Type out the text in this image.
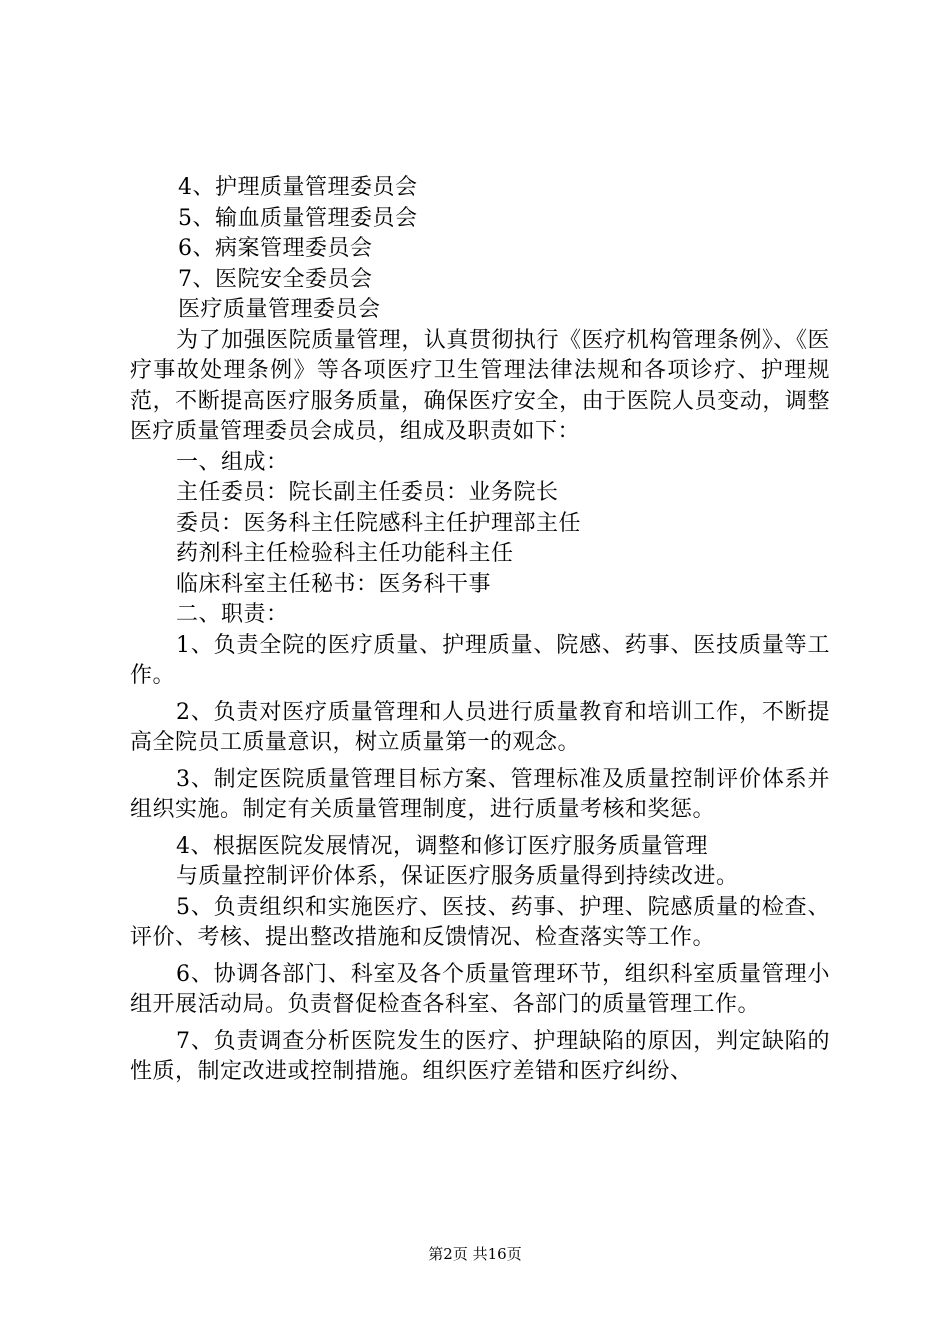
4、护理质量管理委员会

5、输血质量管理委员会

6、病案管理委员会

7、医院安全委员会

医疗质量管理委员会

为了加强医院质量管理，认真贯彻执行《医疗机构管理条例》、《医疗事故处理条例》等各项医疗卫生管理法律法规和各项诊疗、护理规范，不断提高医疗服务质量，确保医疗安全，由于医院人员变动，调整医疗质量管理委员会成员，组成及职责如下：

一、组成：

主任委员：院长副主任委员：业务院长

委员：医务科主任院感科主任护理部主任

药剂科主任检验科主任功能科主任

临床科室主任秘书：医务科干事

二、职责：

1、负责全院的医疗质量、护理质量、院感、药事、医技质量等工作。

2、负责对医疗质量管理和人员进行质量教育和培训工作，不断提高全院员工质量意识，树立质量第一的观念。

3、制定医院质量管理目标方案、管理标准及质量控制评价体系并组织实施。制定有关质量管理制度，进行质量考核和奖惩。

4、根据医院发展情况，调整和修订医疗服务质量管理

与质量控制评价体系，保证医疗服务质量得到持续改进。

5、负责组织和实施医疗、医技、药事、护理、院感质量的检查、评价、考核、提出整改措施和反馈情况、检查落实等工作。

6、协调各部门、科室及各个质量管理环节，组织科室质量管理小组开展活动局。负责督促检查各科室、各部门的质量管理工作。

7、负责调查分析医院发生的医疗、护理缺陷的原因，判定缺陷的性质，制定改进或控制措施。组织医疗差错和医疗纠纷、

第2页 共16页
